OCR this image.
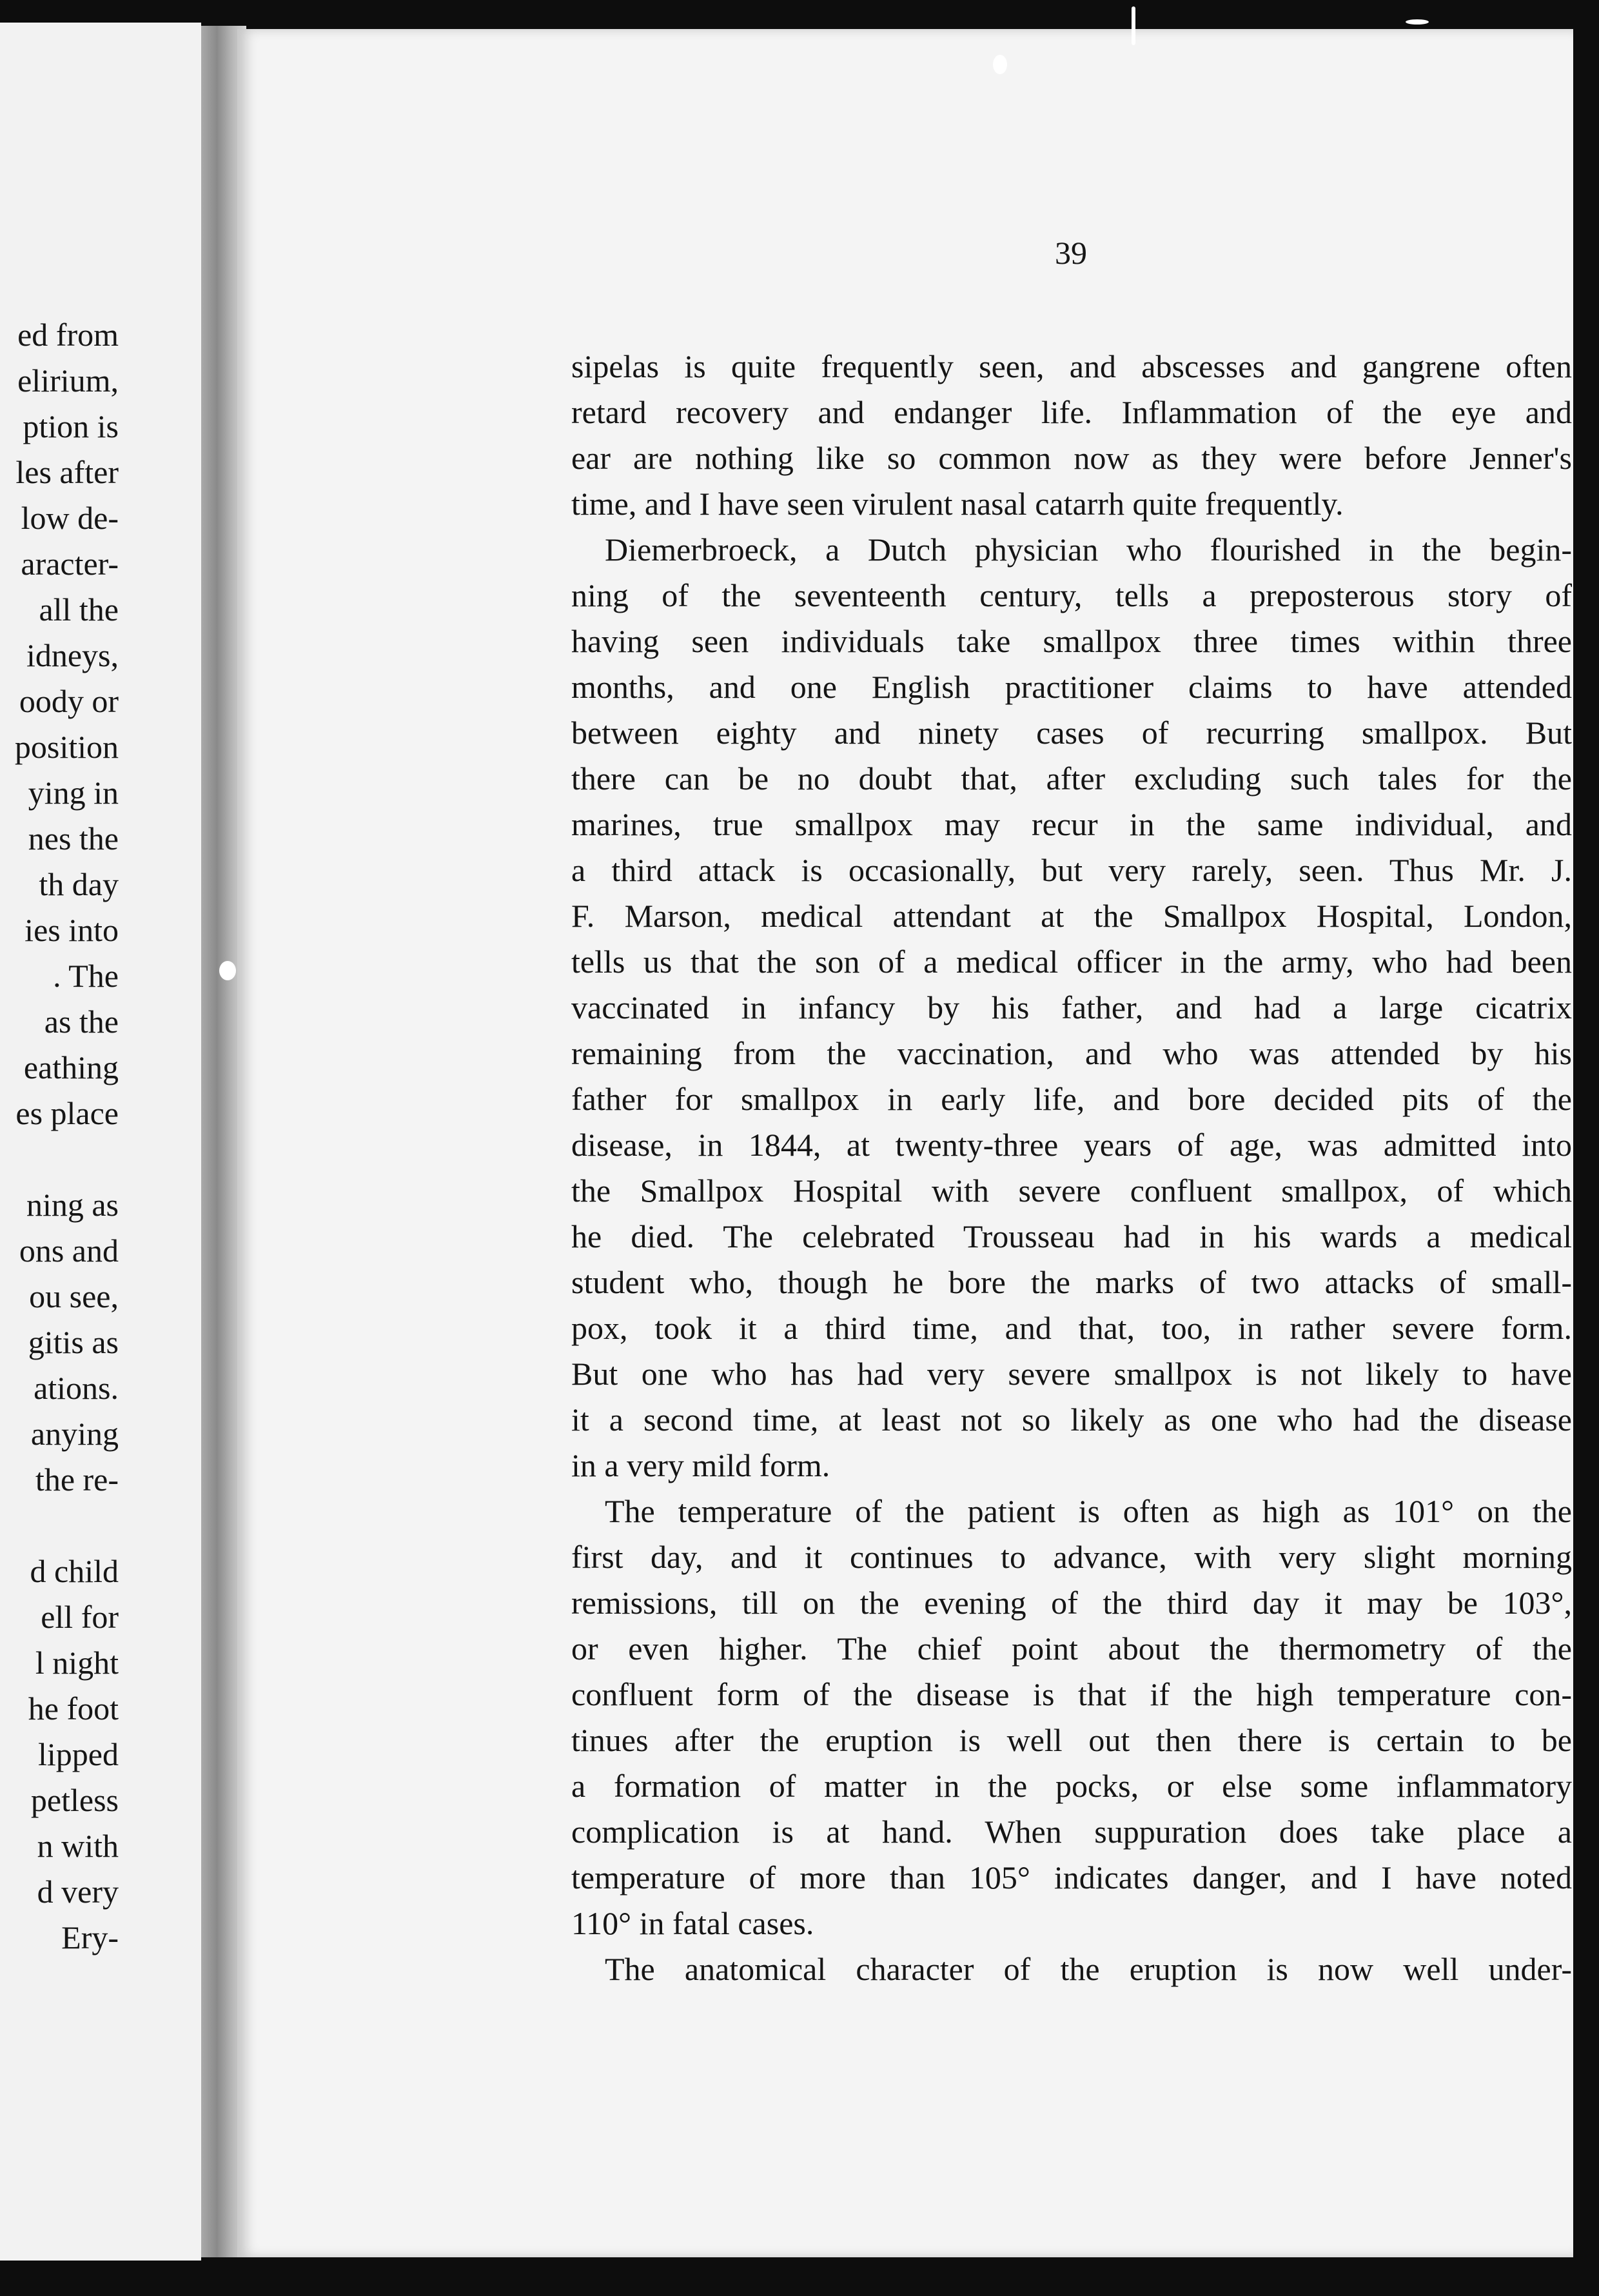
ed from
elirium,
ption is
les after
low de-
aracter-
all the
idneys,
oody or
position
ying in
nes the
th day
ies into
. The
as the
eathing
es place
ning as
ons and
ou see,
gitis as
ations.
anying
the re-
d child
ell for
l night
he foot
lipped
petless
n with
d very
Ery-
39
sipelas is quite frequently seen, and abscesses and gangrene often
retard recovery and endanger life. Inflammation of the eye and
ear are nothing like so common now as they were before Jenner's
time, and I have seen virulent nasal catarrh quite frequently.
Diemerbroeck, a Dutch physician who flourished in the begin-
ning of the seventeenth century, tells a preposterous story of
having seen individuals take smallpox three times within three
months, and one English practitioner claims to have attended
between eighty and ninety cases of recurring smallpox. But
there can be no doubt that, after excluding such tales for the
marines, true smallpox may recur in the same individual, and
a third attack is occasionally, but very rarely, seen. Thus Mr. J.
F. Marson, medical attendant at the Smallpox Hospital, London,
tells us that the son of a medical officer in the army, who had been
vaccinated in infancy by his father, and had a large cicatrix
remaining from the vaccination, and who was attended by his
father for smallpox in early life, and bore decided pits of the
disease, in 1844, at twenty-three years of age, was admitted into
the Smallpox Hospital with severe confluent smallpox, of which
he died. The celebrated Trousseau had in his wards a medical
student who, though he bore the marks of two attacks of small-
pox, took it a third time, and that, too, in rather severe form.
But one who has had very severe smallpox is not likely to have
it a second time, at least not so likely as one who had the disease
in a very mild form.
The temperature of the patient is often as high as 101° on the
first day, and it continues to advance, with very slight morning
remissions, till on the evening of the third day it may be 103°,
or even higher. The chief point about the thermometry of the
confluent form of the disease is that if the high temperature con-
tinues after the eruption is well out then there is certain to be
a formation of matter in the pocks, or else some inflammatory
complication is at hand. When suppuration does take place a
temperature of more than 105° indicates danger, and I have noted
110° in fatal cases.
The anatomical character of the eruption is now well under-
